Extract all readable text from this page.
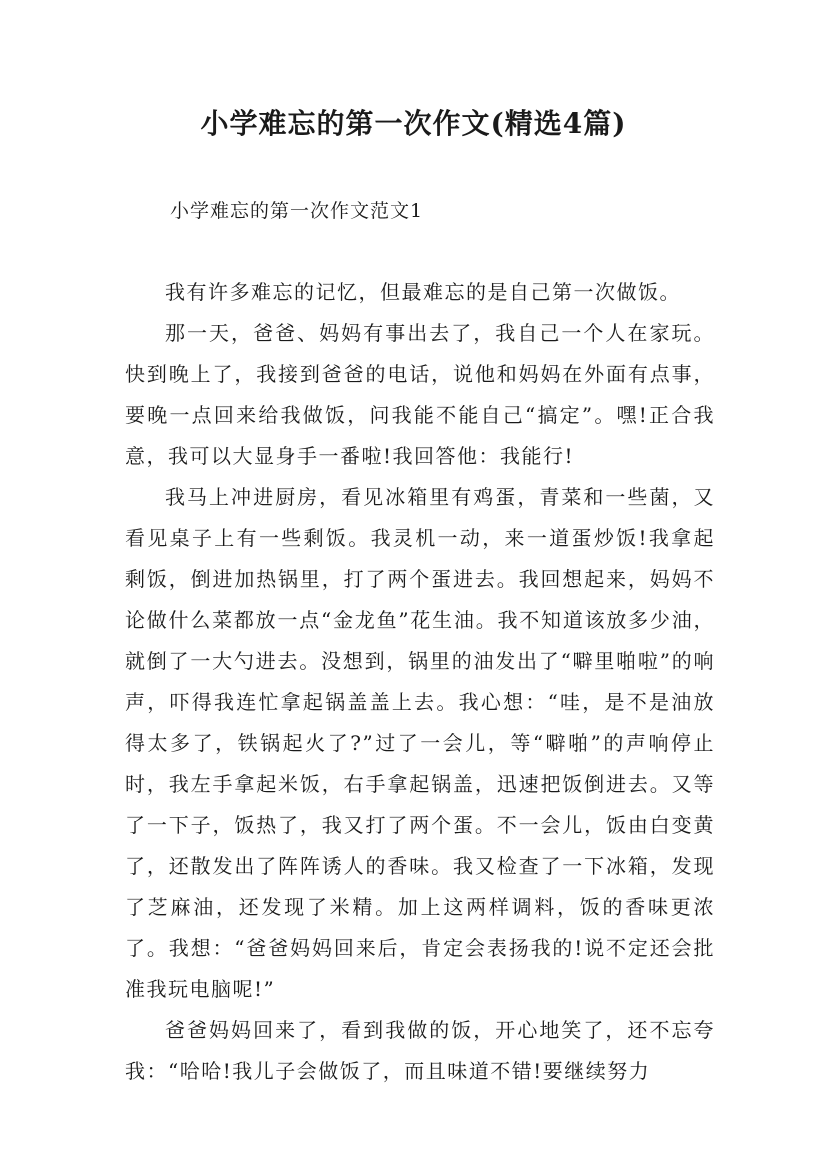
小学难忘的第一次作文(精选4篇)
小学难忘的第一次作文范文1

我有许多难忘的记忆，但最难忘的是自己第一次做饭。

那一天，爸爸、妈妈有事出去了，我自己一个人在家玩。快到晚上了，我接到爸爸的电话，说他和妈妈在外面有点事，要晚一点回来给我做饭，问我能不能自己“搞定”。嘿!正合我意，我可以大显身手一番啦!我回答他：我能行!

我马上冲进厨房，看见冰箱里有鸡蛋，青菜和一些菌，又看见桌子上有一些剩饭。我灵机一动，来一道蛋炒饭!我拿起剩饭，倒进加热锅里，打了两个蛋进去。我回想起来，妈妈不论做什么菜都放一点“金龙鱼”花生油。我不知道该放多少油，就倒了一大勺进去。没想到，锅里的油发出了“噼里啪啦”的响声，吓得我连忙拿起锅盖盖上去。我心想：“哇，是不是油放得太多了，铁锅起火了?”过了一会儿，等“噼啪”的声响停止时，我左手拿起米饭，右手拿起锅盖，迅速把饭倒进去。又等了一下子，饭热了，我又打了两个蛋。不一会儿，饭由白变黄了，还散发出了阵阵诱人的香味。我又检查了一下冰箱，发现了芝麻油，还发现了米精。加上这两样调料，饭的香味更浓了。我想：“爸爸妈妈回来后，肯定会表扬我的!说不定还会批准我玩电脑呢!”

爸爸妈妈回来了，看到我做的饭，开心地笑了，还不忘夸我：“哈哈!我儿子会做饭了，而且味道不错!要继续努力
